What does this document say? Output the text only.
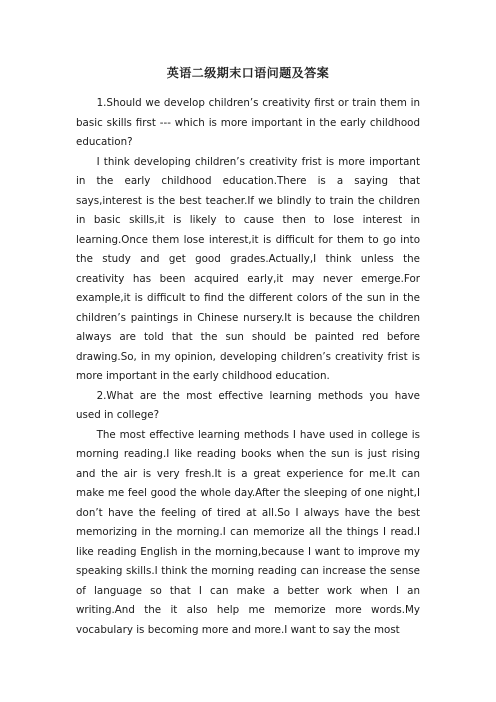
英语二级期末口语问题及答案

1.Should we develop children’s creativity first or train them in basic skills first --- which is more important in the early childhood education?

I think developing children’s creativity frist is more important in the early childhood education.There is a saying that says,interest is the best teacher.If we blindly to train the children in basic skills,it is likely to cause then to lose interest in learning.Once them lose interest,it is difficult for them to go into the study and get good grades.Actually,I think unless the creativity has been acquired early,it may never emerge.For example,it is difficult to find the different colors of the sun in the children’s paintings in Chinese nursery.It is because the children always are told that the sun should be painted red before drawing.So, in my opinion, developing children’s creativity frist is more important in the early childhood education.

2.What are the most effective learning methods you have used in college?

The most effective learning methods I have used in college is morning reading.I like reading books when the sun is just rising and the air is very fresh.It is a great experience for me.It can make me feel good the whole day.After the sleeping of one night,I don’t have the feeling of tired at all.So I always have the best memorizing in the morning.I can memorize all the things I read.I like reading English in the morning,because I want to improve my speaking skills.I think the morning reading can increase the sense of language so that I can make a better work when I an writing.And the it also help me memorize more words.My vocabulary is becoming more and more.I want to say the most
